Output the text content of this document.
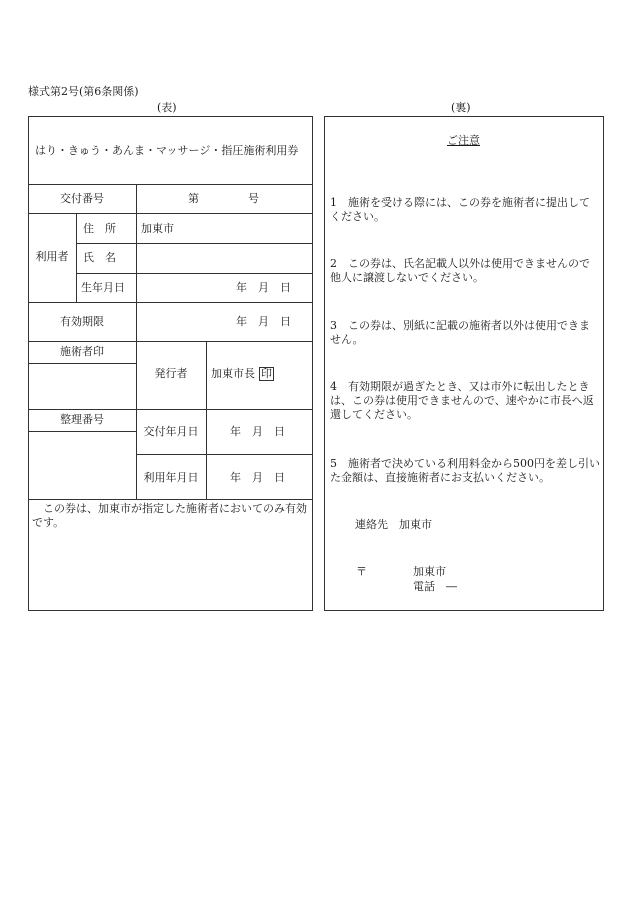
様式第2号(第6条関係)
(表)	(裏)
はり・きゅう・あんま・マッサージ・指圧施術利用券
交付番号	第	号
利用者
住　所 加東市
氏　名
生年月日	年　月　日
有効期限	年　月　日
施術者印
発行者	加東市長 印
整理番号
交付年月日	年　月　日
利用年月日	年　月　日
　この券は、加東市が指定した施術者においてのみ有効です。
ご注意
1　施術を受ける際には、この券を施術者に提出してください。
2　この券は、氏名記載人以外は使用できませんので他人に譲渡しないでください。
3　この券は、別紙に記載の施術者以外は使用できません。
4　有効期限が過ぎたとき、又は市外に転出したときは、この券は使用できませんので、速やかに市長へ返還してください。
5　施術者で決めている利用料金から500円を差し引いた金額は、直接施術者にお支払いください。
連絡先　加東市
〒	加東市
電話　―
